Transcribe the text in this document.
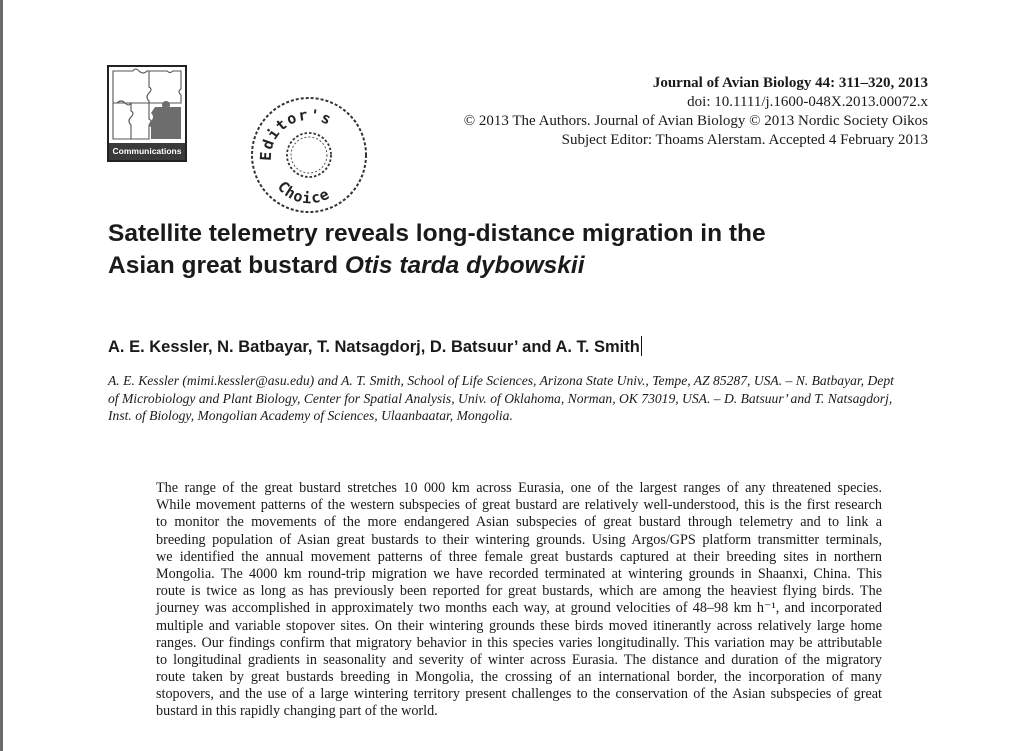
Communications	Editor's
Choice
Journal of Avian Biology 44: 311–320, 2013
doi: 10.1111/j.1600-048X.2013.00072.x
© 2013 The Authors. Journal of Avian Biology © 2013 Nordic Society Oikos
Subject Editor: Thoams Alerstam. Accepted 4 February 2013
Satellite telemetry reveals long-distance migration in the
Asian great bustard Otis tarda dybowskii
A. E. Kessler, N. Batbayar, T. Natsagdorj, D. Batsuur’ and A. T. Smith
A. E. Kessler (mimi.kessler@asu.edu) and A. T. Smith, School of Life Sciences, Arizona State Univ., Tempe, AZ 85287, USA. – N. Batbayar, Dept
of Microbiology and Plant Biology, Center for Spatial Analysis, Univ. of Oklahoma, Norman, OK 73019, USA. – D. Batsuur’ and T. Natsagdorj,
Inst. of Biology, Mongolian Academy of Sciences, Ulaanbaatar, Mongolia.
The range of the great bustard stretches 10 000 km across Eurasia, one of the largest ranges of any threatened species.
While movement patterns of the western subspecies of great bustard are relatively well-understood, this is the first research
to monitor the movements of the more endangered Asian subspecies of great bustard through telemetry and to link a
breeding population of Asian great bustards to their wintering grounds. Using Argos/GPS platform transmitter terminals,
we identified the annual movement patterns of three female great bustards captured at their breeding sites in northern
Mongolia. The 4000 km round-trip migration we have recorded terminated at wintering grounds in Shaanxi, China. This
route is twice as long as has previously been reported for great bustards, which are among the heaviest flying birds. The
journey was accomplished in approximately two months each way, at ground velocities of 48–98 km h⁻¹, and incorporated
multiple and variable stopover sites. On their wintering grounds these birds moved itinerantly across relatively large home
ranges. Our findings confirm that migratory behavior in this species varies longitudinally. This variation may be attributable
to longitudinal gradients in seasonality and severity of winter across Eurasia. The distance and duration of the migratory
route taken by great bustards breeding in Mongolia, the crossing of an international border, the incorporation of many
stopovers, and the use of a large wintering territory present challenges to the conservation of the Asian subspecies of great
bustard in this rapidly changing part of the world.
